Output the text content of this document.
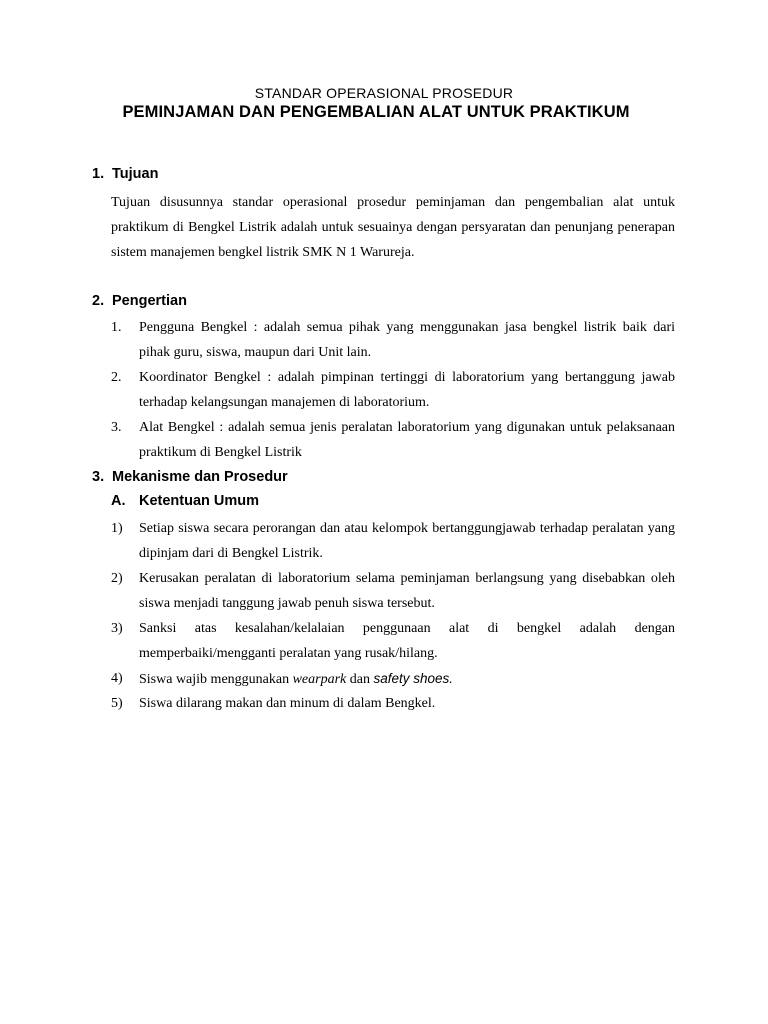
STANDAR OPERASIONAL PROSEDUR
PEMINJAMAN DAN PENGEMBALIAN ALAT UNTUK PRAKTIKUM
1. Tujuan
Tujuan disusunnya standar operasional prosedur peminjaman dan pengembalian alat untuk praktikum di Bengkel Listrik adalah untuk sesuainya dengan persyaratan dan penunjang penerapan sistem manajemen bengkel listrik SMK N 1 Warureja.
2. Pengertian
1.	Pengguna Bengkel : adalah semua pihak yang menggunakan jasa bengkel listrik baik dari pihak guru, siswa, maupun dari Unit lain.
2.	Koordinator Bengkel : adalah pimpinan tertinggi di laboratorium yang bertanggung jawab terhadap kelangsungan manajemen di laboratorium.
3.	Alat Bengkel : adalah semua jenis peralatan laboratorium yang digunakan untuk pelaksanaan praktikum di Bengkel Listrik
3. Mekanisme dan Prosedur
A. Ketentuan Umum
1)	Setiap siswa secara perorangan dan atau kelompok bertanggungjawab terhadap peralatan yang dipinjam dari di Bengkel Listrik.
2)	Kerusakan peralatan di laboratorium selama peminjaman berlangsung yang disebabkan oleh siswa menjadi tanggung jawab penuh siswa tersebut.
3)	Sanksi atas kesalahan/kelalaian penggunaan alat di bengkel adalah dengan memperbaiki/mengganti peralatan yang rusak/hilang.
4)	Siswa wajib menggunakan wearpark dan safety shoes.
5)	Siswa dilarang makan dan minum di dalam Bengkel.
